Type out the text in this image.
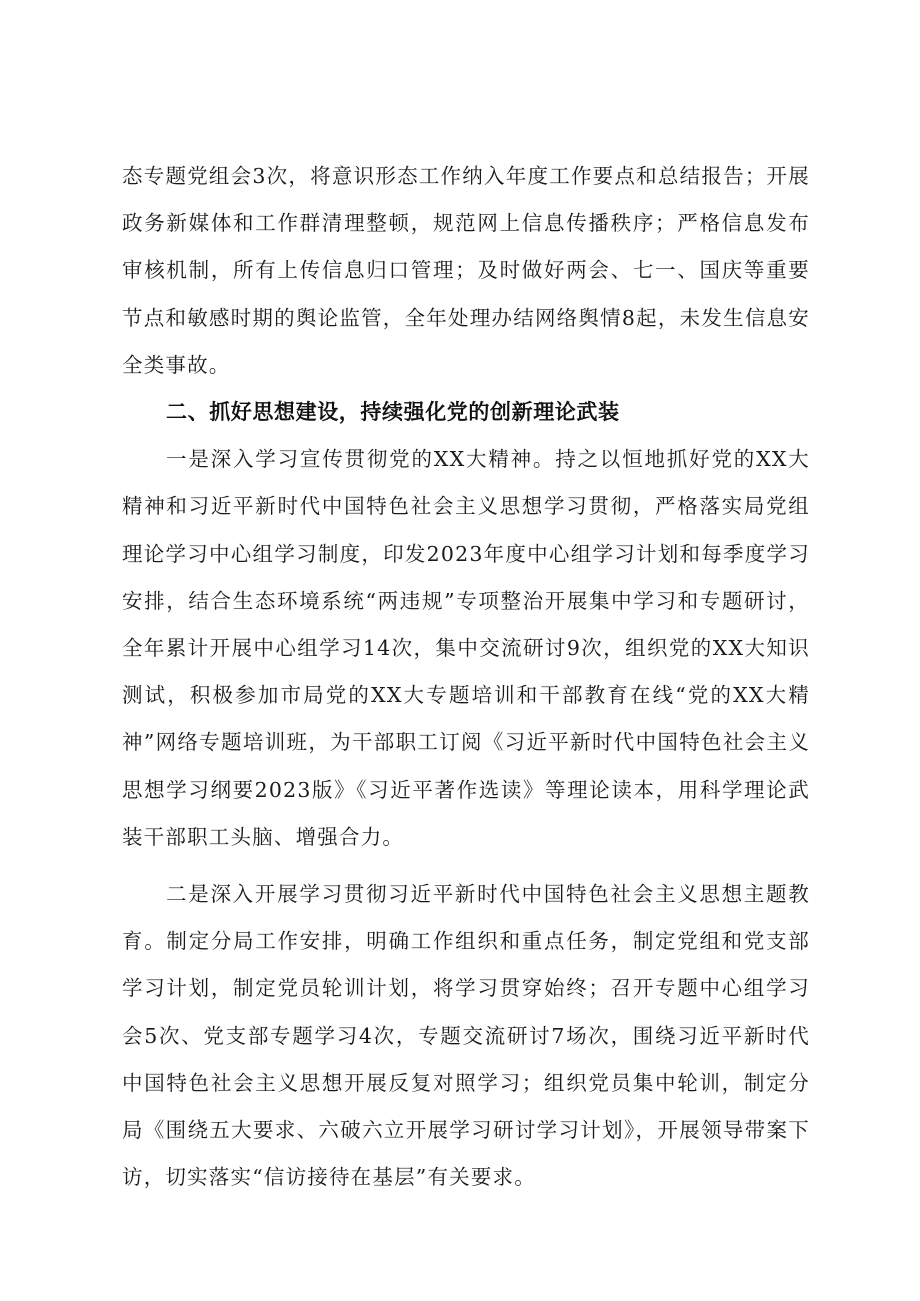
态专题党组会3次，将意识形态工作纳入年度工作要点和总结报告；开展政务新媒体和工作群清理整顿，规范网上信息传播秩序；严格信息发布审核机制，所有上传信息归口管理；及时做好两会、七一、国庆等重要节点和敏感时期的舆论监管，全年处理办结网络舆情8起，未发生信息安全类事故。

二、抓好思想建设，持续强化党的创新理论武装

一是深入学习宣传贯彻党的XX大精神。持之以恒地抓好党的XX大精神和习近平新时代中国特色社会主义思想学习贯彻，严格落实局党组理论学习中心组学习制度，印发2023年度中心组学习计划和每季度学习安排，结合生态环境系统“两违规”专项整治开展集中学习和专题研讨，全年累计开展中心组学习14次，集中交流研讨9次，组织党的XX大知识测试，积极参加市局党的XX大专题培训和干部教育在线“党的XX大精神”网络专题培训班，为干部职工订阅《习近平新时代中国特色社会主义思想学习纲要2023版》《习近平著作选读》等理论读本，用科学理论武装干部职工头脑、增强合力。

二是深入开展学习贯彻习近平新时代中国特色社会主义思想主题教育。制定分局工作安排，明确工作组织和重点任务，制定党组和党支部学习计划，制定党员轮训计划，将学习贯穿始终；召开专题中心组学习会5次、党支部专题学习4次，专题交流研讨7场次，围绕习近平新时代中国特色社会主义思想开展反复对照学习；组织党员集中轮训，制定分局《围绕五大要求、六破六立开展学习研讨学习计划》，开展领导带案下访，切实落实“信访接待在基层”有关要求。
